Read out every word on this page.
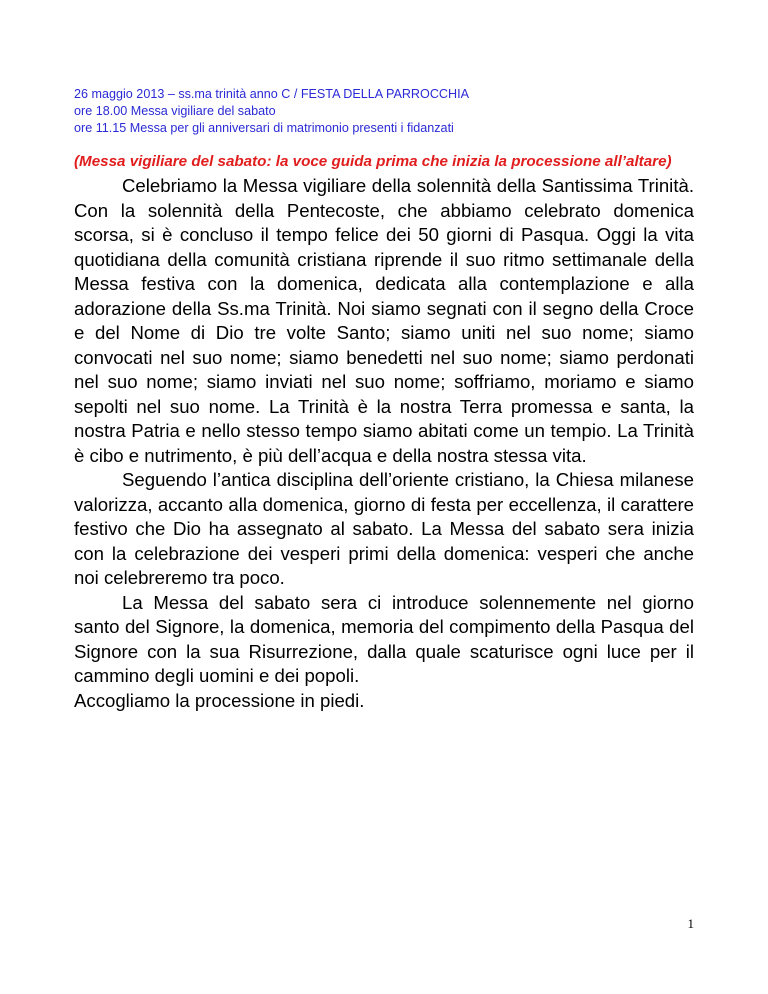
26 maggio 2013 – ss.ma trinità anno C / FESTA DELLA PARROCCHIA
ore 18.00 Messa vigiliare del sabato
ore 11.15 Messa per gli anniversari di matrimonio presenti i fidanzati
(Messa vigiliare del sabato: la voce guida prima che inizia la processione all’altare)

Celebriamo la Messa vigiliare della solennità della Santissima Trinità. Con la solennità della Pentecoste, che abbiamo celebrato domenica scorsa, si è concluso il tempo felice dei 50 giorni di Pasqua. Oggi la vita quotidiana della comunità cristiana riprende il suo ritmo settimanale della Messa festiva con la domenica, dedicata alla contemplazione e alla adorazione della Ss.ma Trinità. Noi siamo segnati con il segno della Croce e del Nome di Dio tre volte Santo; siamo uniti nel suo nome; siamo convocati nel suo nome; siamo benedetti nel suo nome; siamo perdonati nel suo nome; siamo inviati nel suo nome; soffriamo, moriamo e siamo sepolti nel suo nome. La Trinità è la nostra Terra promessa e santa, la nostra Patria e nello stesso tempo siamo abitati come un tempio. La Trinità è cibo e nutrimento, è più dell’acqua e della nostra stessa vita.

Seguendo l’antica disciplina dell’oriente cristiano, la Chiesa milanese valorizza, accanto alla domenica, giorno di festa per eccellenza, il carattere festivo che Dio ha assegnato al sabato. La Messa del sabato sera inizia con la celebrazione dei vesperi primi della domenica: vesperi che anche noi celebreremo tra poco.

La Messa del sabato sera ci introduce solennemente nel giorno santo del Signore, la domenica, memoria del compimento della Pasqua del Signore con la sua Risurrezione, dalla quale scaturisce ogni luce per il cammino degli uomini e dei popoli.

Accogliamo la processione in piedi.

1
